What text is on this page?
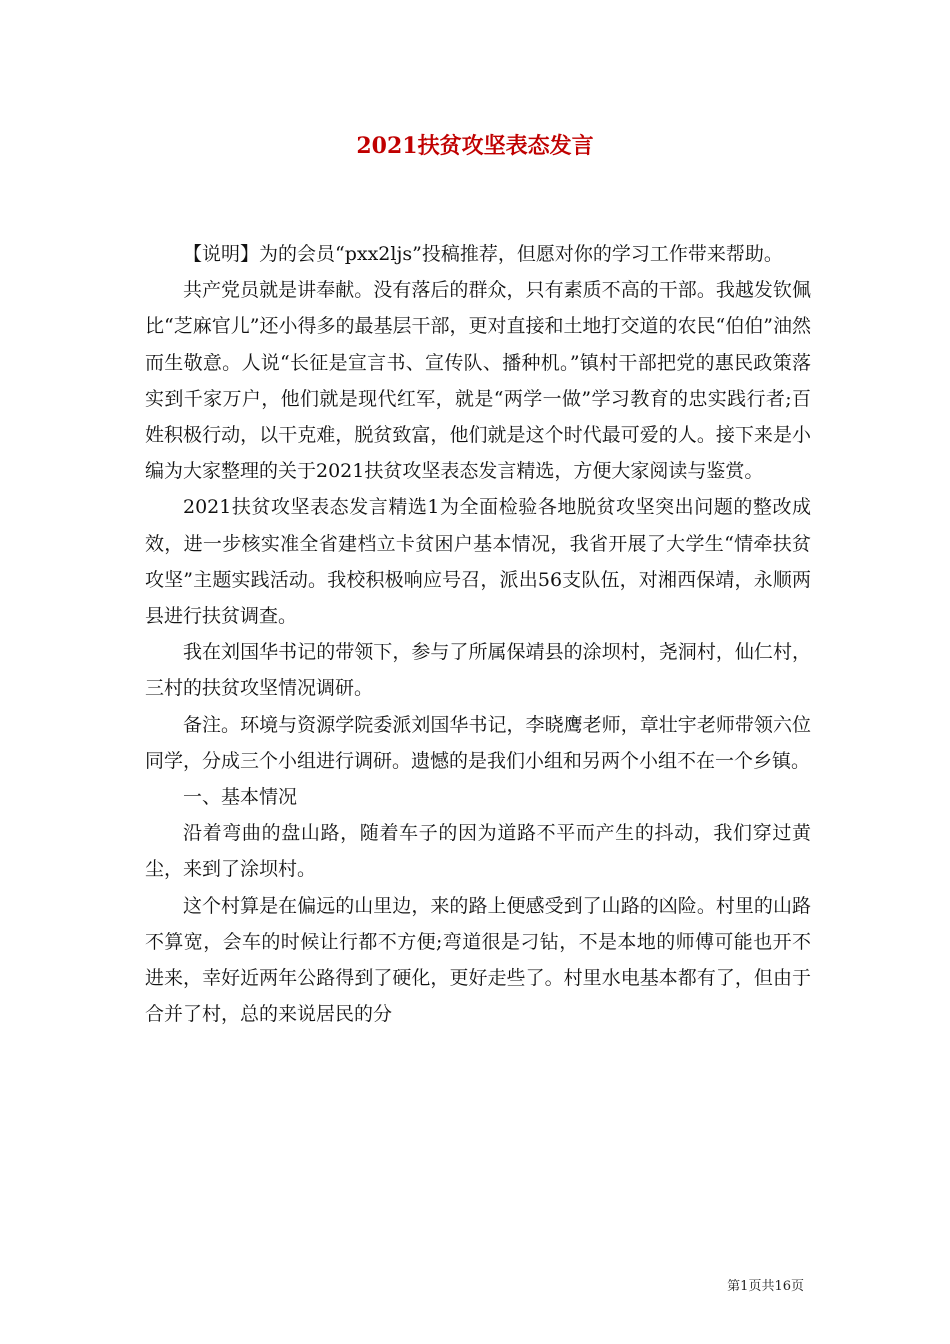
2021扶贫攻坚表态发言

【说明】为的会员“pxx2ljs”投稿推荐，但愿对你的学习工作带来帮助。

共产党员就是讲奉献。没有落后的群众，只有素质不高的干部。我越发钦佩比“芝麻官儿”还小得多的最基层干部，更对直接和土地打交道的农民“伯伯”油然而生敬意。人说“长征是宣言书、宣传队、播种机。”镇村干部把党的惠民政策落实到千家万户，他们就是现代红军，就是“两学一做”学习教育的忠实践行者;百姓积极行动，以干克难，脱贫致富，他们就是这个时代最可爱的人。接下来是小编为大家整理的关于2021扶贫攻坚表态发言精选，方便大家阅读与鉴赏。

2021扶贫攻坚表态发言精选1为全面检验各地脱贫攻坚突出问题的整改成效，进一步核实准全省建档立卡贫困户基本情况，我省开展了大学生“情牵扶贫攻坚”主题实践活动。我校积极响应号召，派出56支队伍，对湘西保靖，永顺两县进行扶贫调查。

我在刘国华书记的带领下，参与了所属保靖县的涂坝村，尧洞村，仙仁村，三村的扶贫攻坚情况调研。

备注。环境与资源学院委派刘国华书记，李晓鹰老师，章壮宇老师带领六位同学，分成三个小组进行调研。遗憾的是我们小组和另两个小组不在一个乡镇。

一、基本情况

沿着弯曲的盘山路，随着车子的因为道路不平而产生的抖动，我们穿过黄尘，来到了涂坝村。

这个村算是在偏远的山里边，来的路上便感受到了山路的凶险。村里的山路不算宽，会车的时候让行都不方便;弯道很是刁钻，不是本地的师傅可能也开不进来，幸好近两年公路得到了硬化，更好走些了。村里水电基本都有了，但由于合并了村，总的来说居民的分

第1页共16页
